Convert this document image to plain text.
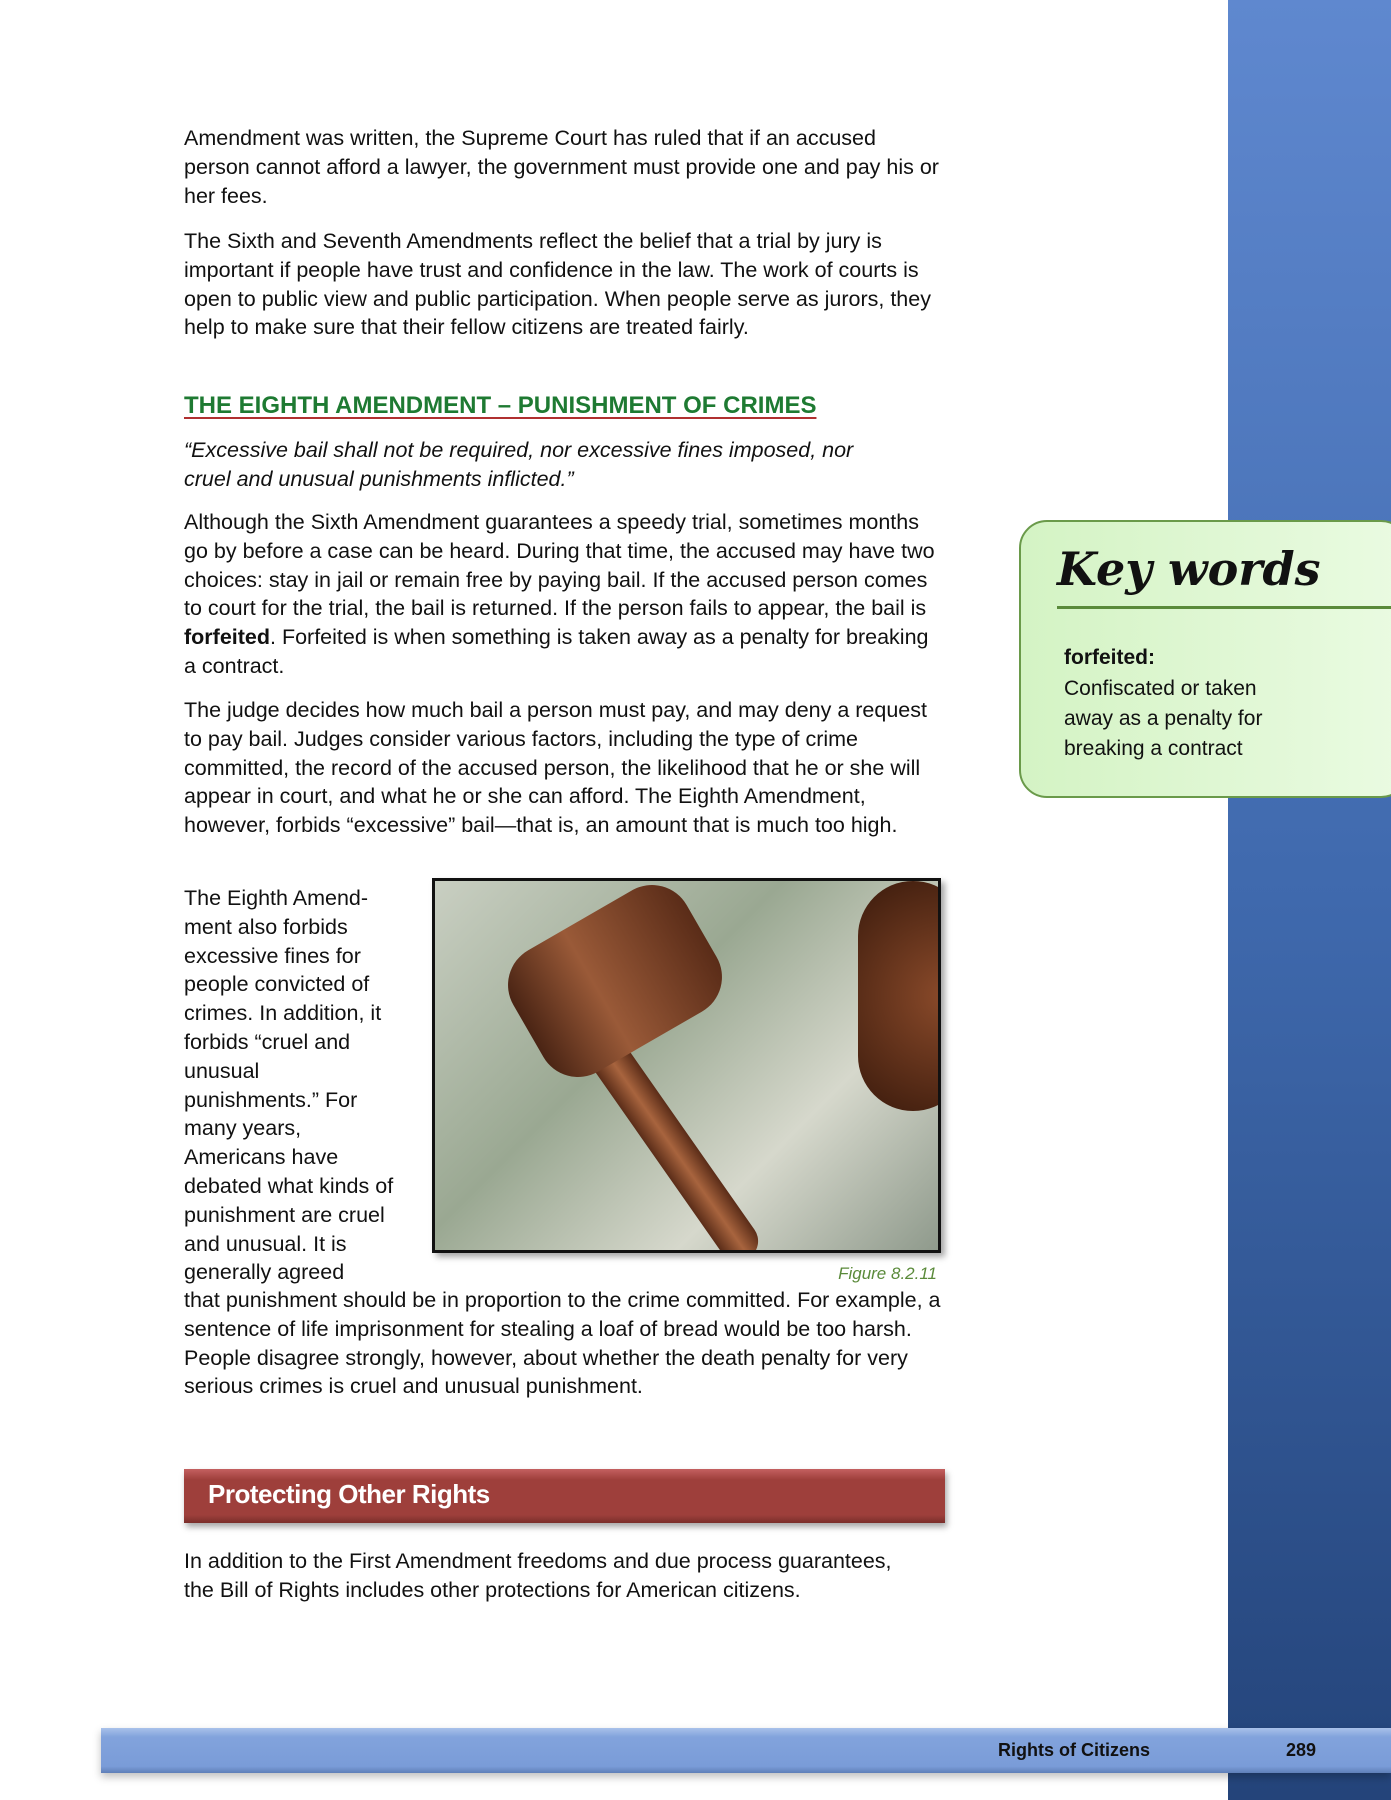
Amendment was written, the Supreme Court has ruled that if an accused person cannot afford a lawyer, the government must provide one and pay his or her fees.

The Sixth and Seventh Amendments reflect the belief that a trial by jury is important if people have trust and confidence in the law. The work of courts is open to public view and public participation. When people serve as jurors, they help to make sure that their fellow citizens are treated fairly.

THE EIGHTH AMENDMENT – PUNISHMENT OF CRIMES

“Excessive bail shall not be required, nor excessive fines imposed, nor cruel and unusual punishments inflicted.”

Although the Sixth Amendment guarantees a speedy trial, sometimes months go by before a case can be heard. During that time, the accused may have two choices: stay in jail or remain free by paying bail. If the accused person comes to court for the trial, the bail is returned. If the person fails to appear, the bail is forfeited. Forfeited is when something is taken away as a penalty for breaking a contract.

The judge decides how much bail a person must pay, and may deny a request to pay bail. Judges consider various factors, including the type of crime committed, the record of the accused person, the likelihood that he or she will appear in court, and what he or she can afford. The Eighth Amendment, however, forbids “excessive” bail—that is, an amount that is much too high.

Figure 8.2.11

The Eighth Amend-ment also forbids excessive fines for people convicted of crimes. In addition, it forbids “cruel and unusual punishments.” For many years, Americans have debated what kinds of punishment are cruel and unusual. It is generally agreed

that punishment should be in proportion to the crime committed. For example, a sentence of life imprisonment for stealing a loaf of bread would be too harsh. People disagree strongly, however, about whether the death penalty for very serious crimes is cruel and unusual punishment.

Protecting Other Rights

In addition to the First Amendment freedoms and due process guarantees, the Bill of Rights includes other protections for American citizens.

Key words
forfeited:
Confiscated or taken away as a penalty for breaking a contract
Rights of Citizens	289
